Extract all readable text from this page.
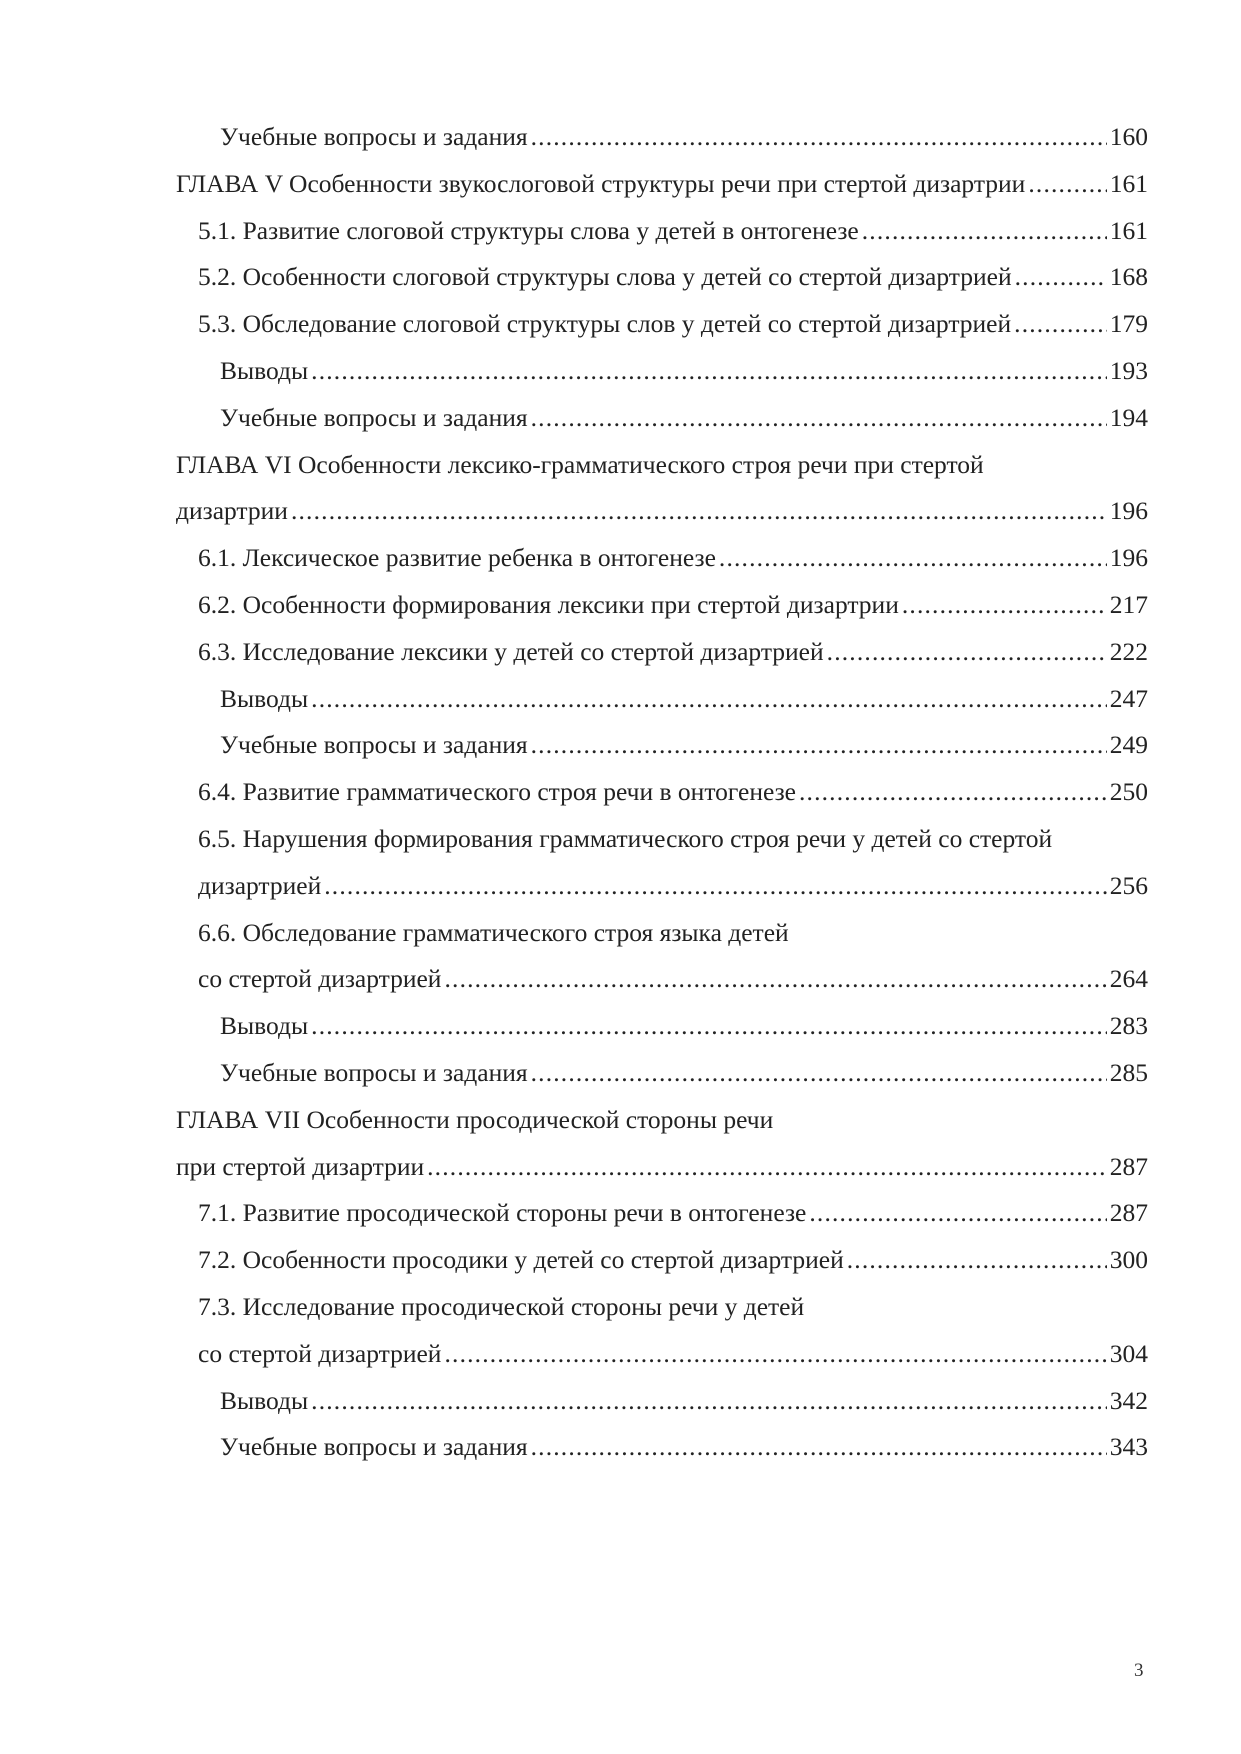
Учебные вопросы и задания . . .	160
ГЛАВА V Особенности звукослоговой структуры речи при стертой дизартрии . . .	161
5.1. Развитие слоговой структуры слова у детей в онтогенезе . . .	161
5.2. Особенности слоговой структуры слова у детей со стертой дизартрией . . .	168
5.3. Обследование слоговой структуры слов у детей со стертой дизартрией . . .	179
Выводы . . .	193
Учебные вопросы и задания . . .	194
ГЛАВА VI Особенности лексико-грамматического строя речи при стертой
дизартрии . . .	196
6.1. Лексическое развитие ребенка в онтогенезе . . .	196
6.2. Особенности формирования лексики при стертой дизартрии . . .	217
6.3. Исследование лексики у детей со стертой дизартрией . . .	222
Выводы . . .	247
Учебные вопросы и задания . . .	249
6.4. Развитие грамматического строя речи в онтогенезе . . .	250
6.5. Нарушения формирования грамматического строя речи у детей со стертой
дизартрией . . .	256
6.6. Обследование грамматического строя языка детей
со стертой дизартрией . . .	264
Выводы . . .	283
Учебные вопросы и задания . . .	285
ГЛАВА VII Особенности просодической стороны речи
при стертой дизартрии . . .	287
7.1. Развитие просодической стороны речи в онтогенезе . . .	287
7.2. Особенности просодики у детей со стертой дизартрией . . .	300
7.3. Исследование просодической стороны речи у детей
со стертой дизартрией . . .	304
Выводы . . .	342
Учебные вопросы и задания . . .	343
3
